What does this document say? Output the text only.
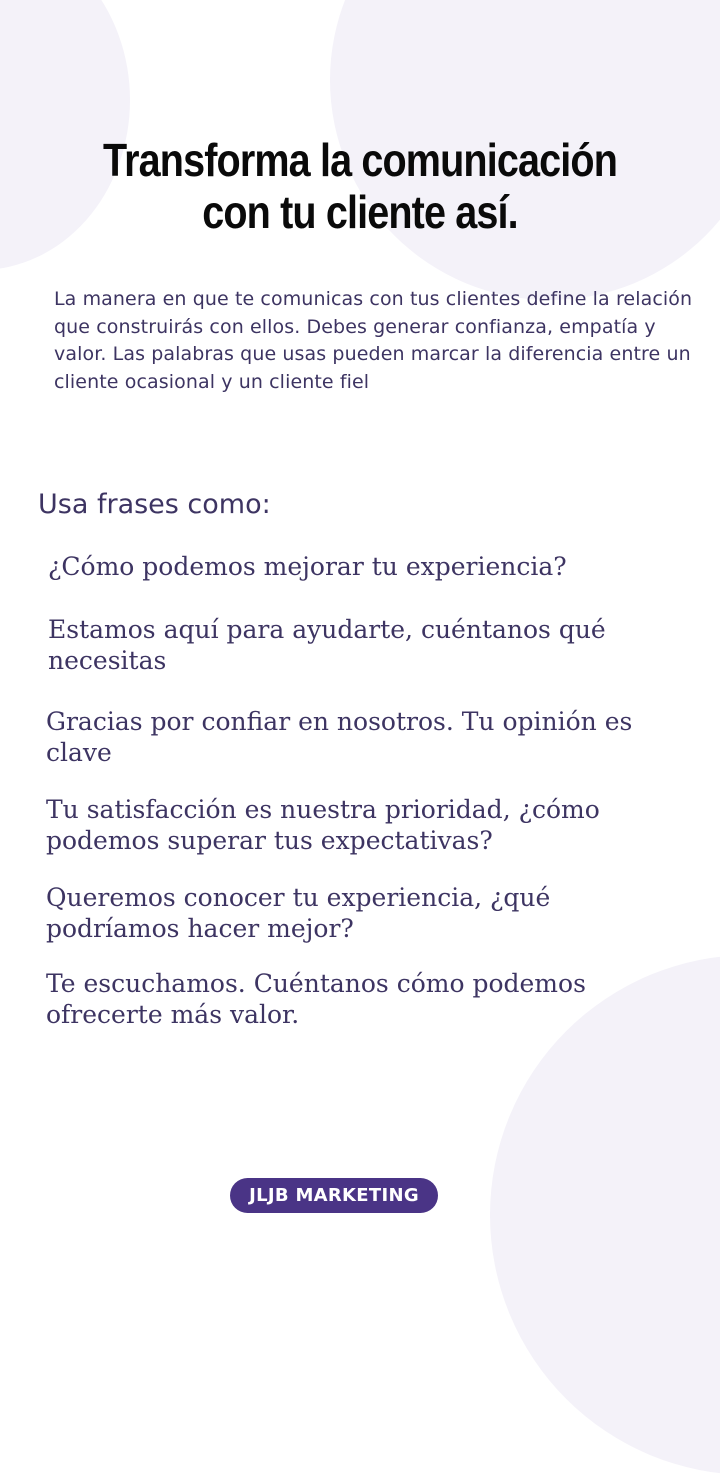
Transforma la comunicación con tu cliente así.

La manera en que te comunicas con tus clientes define la relación que construirás con ellos. Debes generar confianza, empatía y valor. Las palabras que usas pueden marcar la diferencia entre un cliente ocasional y un cliente fiel

Usa frases como:

¿Cómo podemos mejorar tu experiencia?

Estamos aquí para ayudarte, cuéntanos qué necesitas

Gracias por confiar en nosotros. Tu opinión es clave

Tu satisfacción es nuestra prioridad, ¿cómo podemos superar tus expectativas?

Queremos conocer tu experiencia, ¿qué podríamos hacer mejor?

Te escuchamos. Cuéntanos cómo podemos ofrecerte más valor.

JLJB MARKETING
